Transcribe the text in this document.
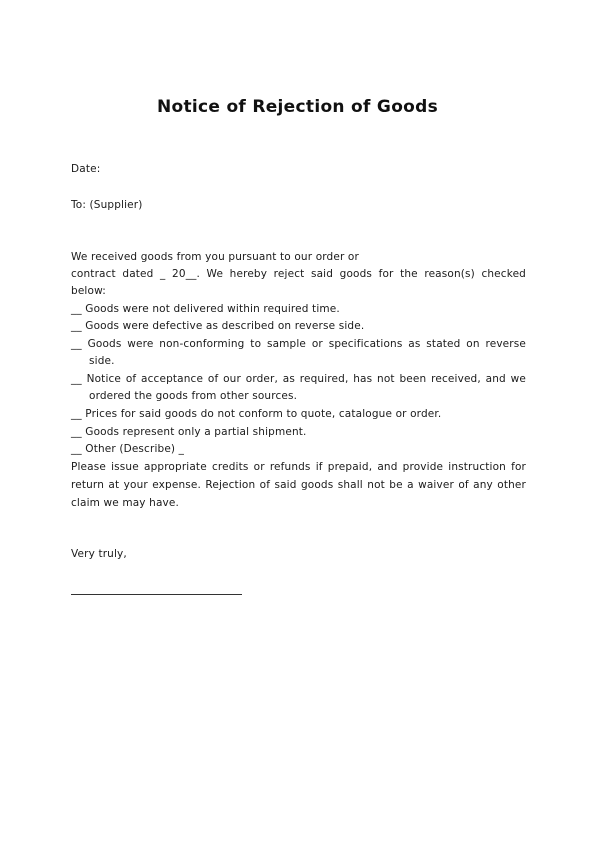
Notice of Rejection of Goods
Date:
To: (Supplier)
We received goods from you pursuant to our order or
contract dated _ 20__. We hereby reject said goods for the reason(s) checked
below:
__ Goods were not delivered within required time.
__ Goods were defective as described on reverse side.
__ Goods were non-conforming to sample or specifications as stated on reverse
side.
__ Notice of acceptance of our order, as required, has not been received, and we
ordered the goods from other sources.
__ Prices for said goods do not conform to quote, catalogue or order.
__ Goods represent only a partial shipment.
__ Other (Describe) _
Please issue appropriate credits or refunds if prepaid, and provide instruction for
return at your expense. Rejection of said goods shall not be a waiver of any other
claim we may have.
Very truly,
